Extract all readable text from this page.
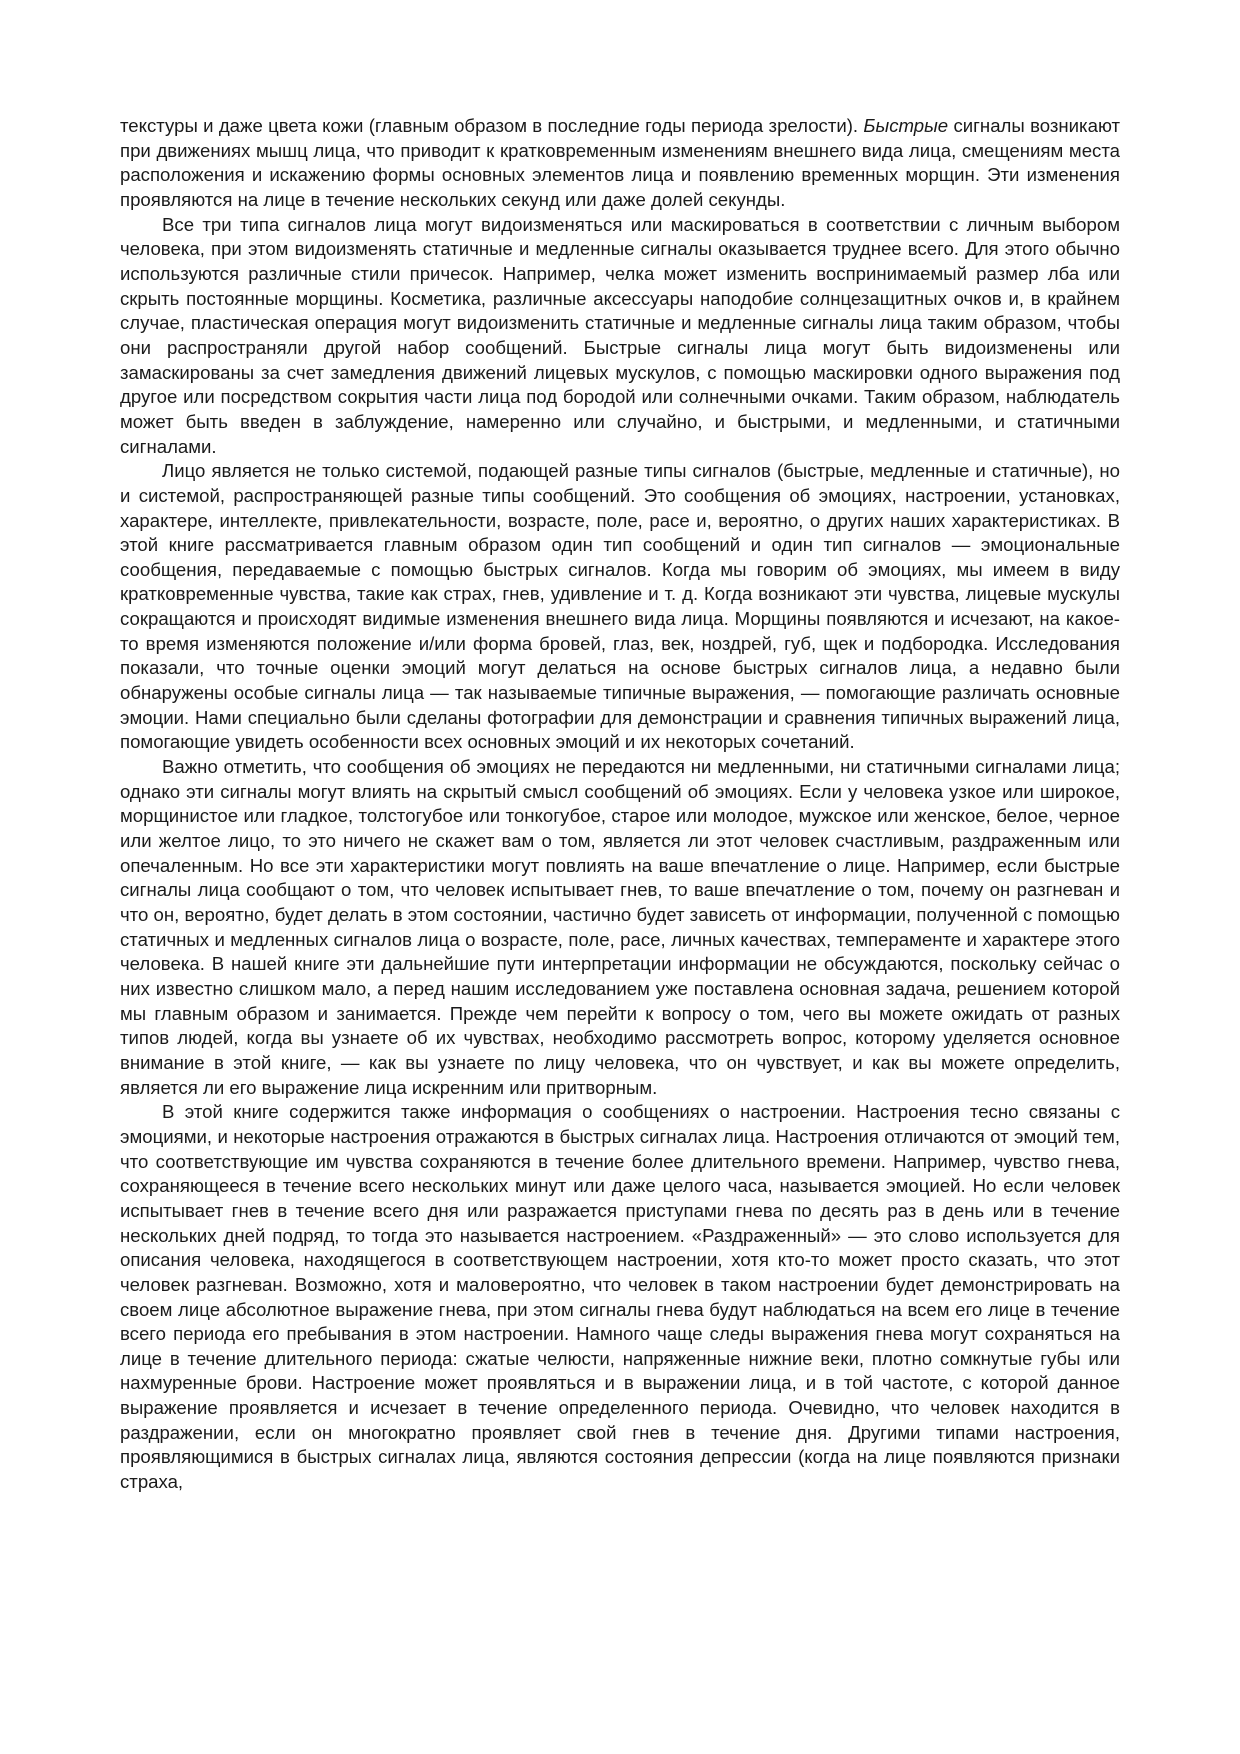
текстуры и даже цвета кожи (главным образом в последние годы периода зрелости). Быстрые сигналы возникают при движениях мышц лица, что приводит к кратковременным изменениям внешнего вида лица, смещениям места расположения и искажению формы основных элементов лица и появлению временных морщин. Эти изменения проявляются на лице в течение нескольких секунд или даже долей секунды.

Все три типа сигналов лица могут видоизменяться или маскироваться в соответствии с личным выбором человека, при этом видоизменять статичные и медленные сигналы оказывается труднее всего. Для этого обычно используются различные стили причесок. Например, челка может изменить воспринимаемый размер лба или скрыть постоянные морщины. Косметика, различные аксессуары наподобие солнцезащитных очков и, в крайнем случае, пластическая операция могут видоизменить статичные и медленные сигналы лица таким образом, чтобы они распространяли другой набор сообщений. Быстрые сигналы лица могут быть видоизменены или замаскированы за счет замедления движений лицевых мускулов, с помощью маскировки одного выражения под другое или посредством сокрытия части лица под бородой или солнечными очками. Таким образом, наблюдатель может быть введен в заблуждение, намеренно или случайно, и быстрыми, и медленными, и статичными сигналами.

Лицо является не только системой, подающей разные типы сигналов (быстрые, медленные и статичные), но и системой, распространяющей разные типы сообщений. Это сообщения об эмоциях, настроении, установках, характере, интеллекте, привлекательности, возрасте, поле, расе и, вероятно, о других наших характеристиках. В этой книге рассматривается главным образом один тип сообщений и один тип сигналов — эмоциональные сообщения, передаваемые с помощью быстрых сигналов. Когда мы говорим об эмоциях, мы имеем в виду кратковременные чувства, такие как страх, гнев, удивление и т. д. Когда возникают эти чувства, лицевые мускулы сокращаются и происходят видимые изменения внешнего вида лица. Морщины появляются и исчезают, на какое-то время изменяются положение и/или форма бровей, глаз, век, ноздрей, губ, щек и подбородка. Исследования показали, что точные оценки эмоций могут делаться на основе быстрых сигналов лица, а недавно были обнаружены особые сигналы лица — так называемые типичные выражения, — помогающие различать основные эмоции. Нами специально были сделаны фотографии для демонстрации и сравнения типичных выражений лица, помогающие увидеть особенности всех основных эмоций и их некоторых сочетаний.

Важно отметить, что сообщения об эмоциях не передаются ни медленными, ни статичными сигналами лица; однако эти сигналы могут влиять на скрытый смысл сообщений об эмоциях. Если у человека узкое или широкое, морщинистое или гладкое, толстогубое или тонкогубое, старое или молодое, мужское или женское, белое, черное или желтое лицо, то это ничего не скажет вам о том, является ли этот человек счастливым, раздраженным или опечаленным. Но все эти характеристики могут повлиять на ваше впечатление о лице. Например, если быстрые сигналы лица сообщают о том, что человек испытывает гнев, то ваше впечатление о том, почему он разгневан и что он, вероятно, будет делать в этом состоянии, частично будет зависеть от информации, полученной с помощью статичных и медленных сигналов лица о возрасте, поле, расе, личных качествах, темпераменте и характере этого человека. В нашей книге эти дальнейшие пути интерпретации информации не обсуждаются, поскольку сейчас о них известно слишком мало, а перед нашим исследованием уже поставлена основная задача, решением которой мы главным образом и занимается. Прежде чем перейти к вопросу о том, чего вы можете ожидать от разных типов людей, когда вы узнаете об их чувствах, необходимо рассмотреть вопрос, которому уделяется основное внимание в этой книге, — как вы узнаете по лицу человека, что он чувствует, и как вы можете определить, является ли его выражение лица искренним или притворным.

В этой книге содержится также информация о сообщениях о настроении. Настроения тесно связаны с эмоциями, и некоторые настроения отражаются в быстрых сигналах лица. Настроения отличаются от эмоций тем, что соответствующие им чувства сохраняются в течение более длительного времени. Например, чувство гнева, сохраняющееся в течение всего нескольких минут или даже целого часа, называется эмоцией. Но если человек испытывает гнев в течение всего дня или разражается приступами гнева по десять раз в день или в течение нескольких дней подряд, то тогда это называется настроением. «Раздраженный» — это слово используется для описания человека, находящегося в соответствующем настроении, хотя кто-то может просто сказать, что этот человек разгневан. Возможно, хотя и маловероятно, что человек в таком настроении будет демонстрировать на своем лице абсолютное выражение гнева, при этом сигналы гнева будут наблюдаться на всем его лице в течение всего периода его пребывания в этом настроении. Намного чаще следы выражения гнева могут сохраняться на лице в течение длительного периода: сжатые челюсти, напряженные нижние веки, плотно сомкнутые губы или нахмуренные брови. Настроение может проявляться и в выражении лица, и в той частоте, с которой данное выражение проявляется и исчезает в течение определенного периода. Очевидно, что человек находится в раздражении, если он многократно проявляет свой гнев в течение дня. Другими типами настроения, проявляющимися в быстрых сигналах лица, являются состояния депрессии (когда на лице появляются признаки страха,
